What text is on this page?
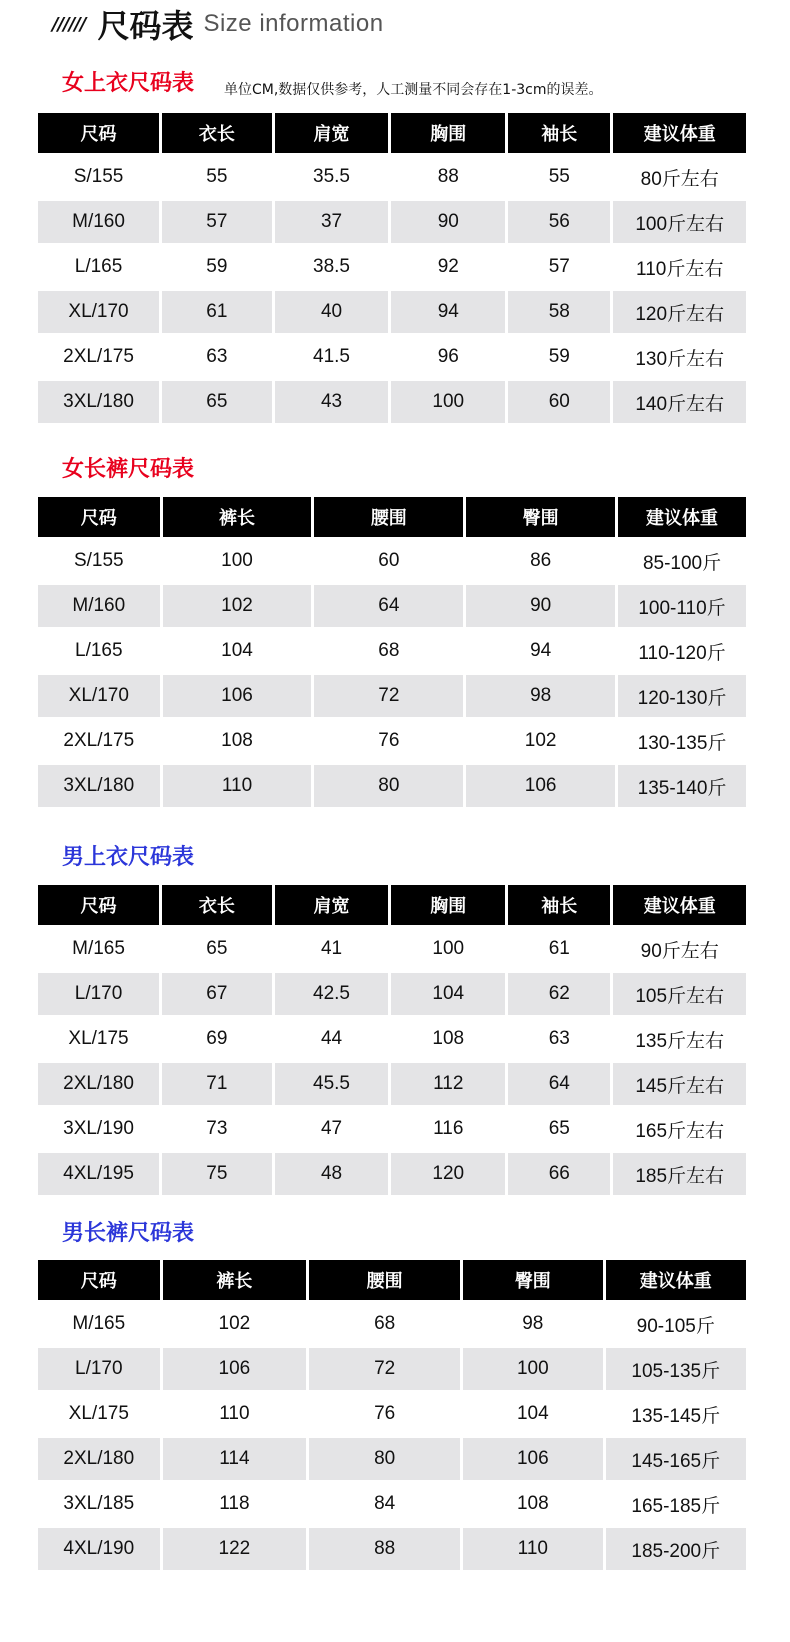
////// 尺码表 Size information
女上衣尺码表 单位CM,数据仅供参考，人工测量不同会存在1-3cm的误差。
尺码	衣长	肩宽	胸围	袖长	建议体重
S/155	55	35.5	88	55	80斤左右
M/160	57	37	90	56	100斤左右
L/165	59	38.5	92	57	110斤左右
XL/170	61	40	94	58	120斤左右
2XL/175	63	41.5	96	59	130斤左右
3XL/180	65	43	100	60	140斤左右
女长裤尺码表
尺码	裤长	腰围	臀围	建议体重
S/155	100	60	86	85-100斤
M/160	102	64	90	100-110斤
L/165	104	68	94	110-120斤
XL/170	106	72	98	120-130斤
2XL/175	108	76	102	130-135斤
3XL/180	110	80	106	135-140斤
男上衣尺码表
尺码	衣长	肩宽	胸围	袖长	建议体重
M/165	65	41	100	61	90斤左右
L/170	67	42.5	104	62	105斤左右
XL/175	69	44	108	63	135斤左右
2XL/180	71	45.5	112	64	145斤左右
3XL/190	73	47	116	65	165斤左右
4XL/195	75	48	120	66	185斤左右
男长裤尺码表
尺码	裤长	腰围	臀围	建议体重
M/165	102	68	98	90-105斤
L/170	106	72	100	105-135斤
XL/175	110	76	104	135-145斤
2XL/180	114	80	106	145-165斤
3XL/185	118	84	108	165-185斤
4XL/190	122	88	110	185-200斤
